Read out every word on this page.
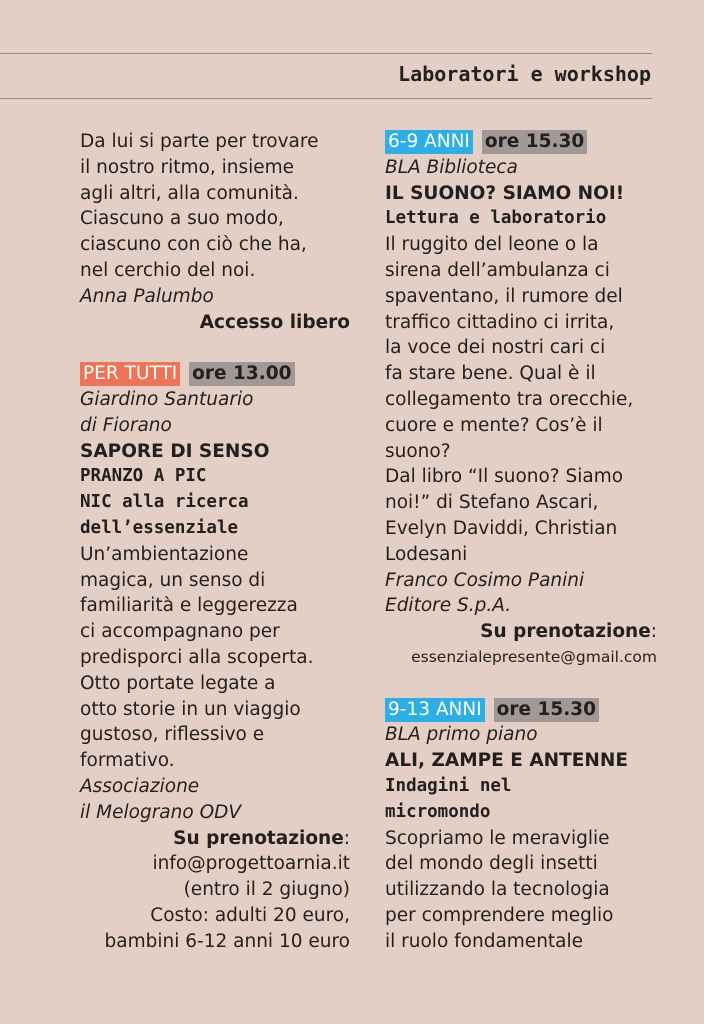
Laboratori e workshop
Da lui si parte per trovare
il nostro ritmo, insieme
agli altri, alla comunità.
Ciascuno a suo modo,
ciascuno con ciò che ha,
nel cerchio del noi.
Anna Palumbo
Accesso libero
PER TUTTI ore 13.00
Giardino Santuario
di Fiorano
SAPORE DI SENSO
PRANZO A PIC
NIC alla ricerca
dell’essenziale
Un’ambientazione
magica, un senso di
familiarità e leggerezza
ci accompagnano per
predisporci alla scoperta.
Otto portate legate a
otto storie in un viaggio
gustoso, riflessivo e
formativo.
Associazione
il Melograno ODV
Su prenotazione:
info@progettoarnia.it
(entro il 2 giugno)
Costo: adulti 20 euro,
bambini 6-12 anni 10 euro
6-9 ANNI ore 15.30
BLA Biblioteca
IL SUONO? SIAMO NOI!
Lettura e laboratorio
Il ruggito del leone o la
sirena dell’ambulanza ci
spaventano, il rumore del
traffico cittadino ci irrita,
la voce dei nostri cari ci
fa stare bene. Qual è il
collegamento tra orecchie,
cuore e mente? Cos’è il
suono?
Dal libro “Il suono? Siamo
noi!” di Stefano Ascari,
Evelyn Daviddi, Christian
Lodesani
Franco Cosimo Panini
Editore S.p.A.
Su prenotazione:
essenzialepresente@gmail.com
9-13 ANNI ore 15.30
BLA primo piano
ALI, ZAMPE E ANTENNE
Indagini nel
micromondo
Scopriamo le meraviglie
del mondo degli insetti
utilizzando la tecnologia
per comprendere meglio
il ruolo fondamentale
